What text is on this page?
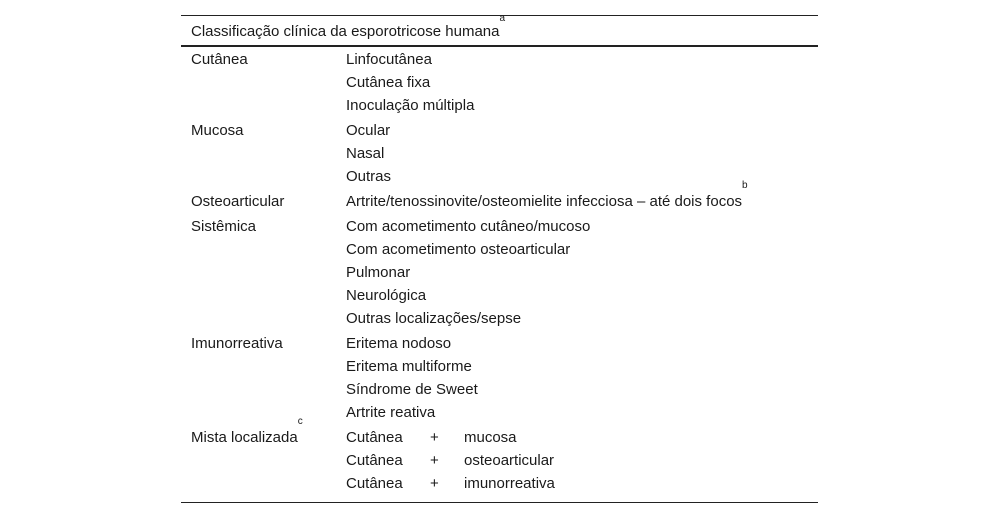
Classificação clínica da esporotricose humana$^a$
Cutânea	Linfocutânea
Cutânea fixa
Inoculação múltipla
Mucosa	Ocular
Nasal
Outras
Osteoarticular	Artrite/tenossinovite/osteomielite infecciosa – até dois focos$^b$
Sistêmica	Com acometimento cutâneo/mucoso
Com acometimento osteoarticular
Pulmonar
Neurológica
Outras localizações/sepse
Imunorreativa	Eritema nodoso
Eritema multiforme
Síndrome de Sweet
Artrite reativa
Mista localizada$^c$
Cutânea	+	mucosa
Cutânea	+	osteoarticular
Cutânea	+	imunorreativa
